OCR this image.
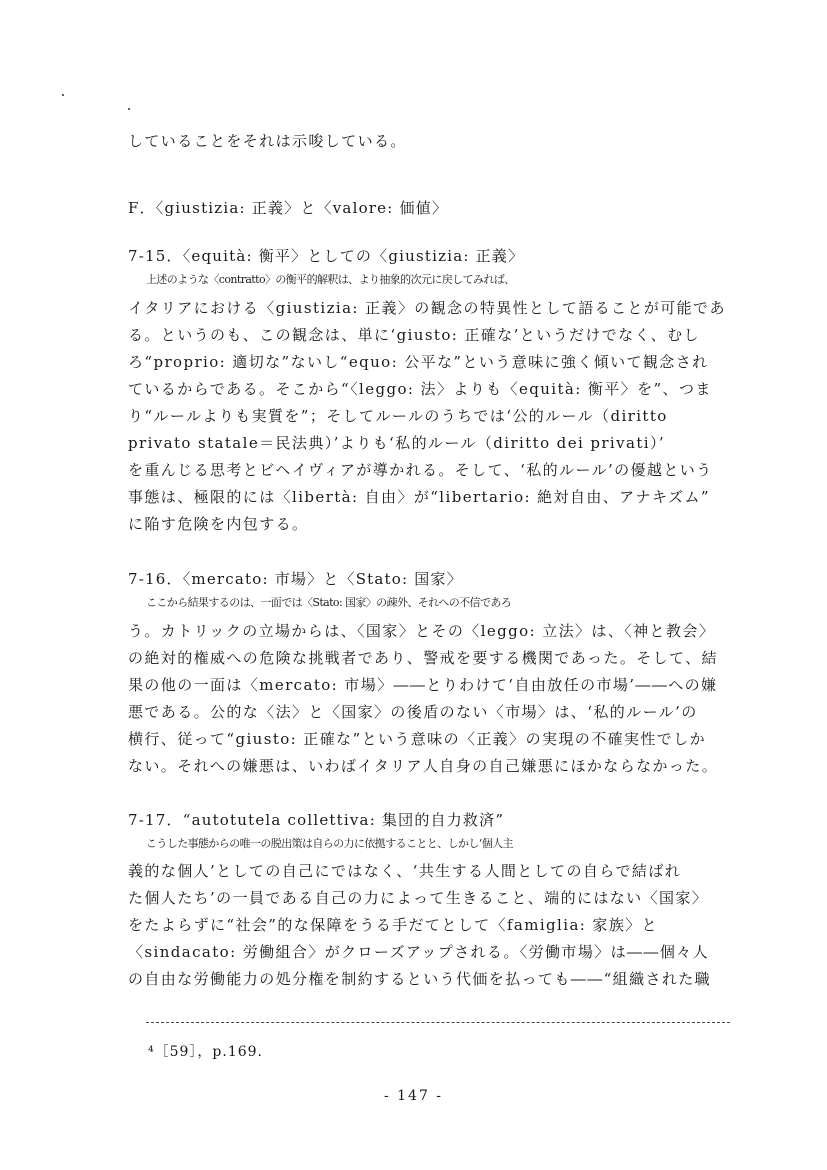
していることをそれは示唆している。
F．〈giustizia: 正義〉と〈valore: 価値〉
7-15．〈equità: 衡平〉としての〈giustizia: 正義〉
上述のような〈contratto〉の衡平的解釈は、より抽象的次元に戻してみれば、
イタリアにおける〈giustizia: 正義〉の観念の特異性として語ることが可能であ
る。というのも、この観念は、単に‘giusto: 正確な’というだけでなく、むし
ろ“proprio: 適切な”ないし“equo: 公平な”という意味に強く傾いて観念され
ているからである。そこから“〈leggo: 法〉よりも〈equità: 衡平〉を”、つま
り“ルールよりも実質を”；そしてルールのうちでは‘公的ルール（diritto
privato statale＝民法典）’よりも‘私的ルール（diritto dei privati）’
を重んじる思考とビヘイヴィアが導かれる。そして、‘私的ルール’の優越という
事態は、極限的には〈libertà: 自由〉が“libertario: 絶対自由、アナキズム”
に陥す危険を内包する。
7-16．〈mercato: 市場〉と〈Stato: 国家〉
ここから結果するのは、一面では〈Stato: 国家〉の疎外、それへの不信であろ
う。カトリックの立場からは、〈国家〉とその〈leggo: 立法〉は、〈神と教会〉
の絶対的権威への危険な挑戦者であり、警戒を要する機関であった。そして、結
果の他の一面は〈mercato: 市場〉――とりわけて‘自由放任の市場’――への嫌
悪である。公的な〈法〉と〈国家〉の後盾のない〈市場〉は、‘私的ルール’の
横行、従って“giusto: 正確な”という意味の〈正義〉の実現の不確実性でしか
ない。それへの嫌悪は、いわばイタリア人自身の自己嫌悪にほかならなかった。
7-17．“autotutela collettiva: 集団的自力救済”
こうした事態からの唯一の脱出策は自らの力に依拠することと、しかし‘個人主
義的な個人’としての自己にではなく、‘共生する人間としての自らで結ばれ
た個人たち’の一員である自己の力によって生きること、端的にはない〈国家〉
をたよらずに“社会”的な保障をうる手だてとして〈famiglia: 家族〉と
〈sindacato: 労働組合〉がクローズアップされる。〈労働市場〉は――個々人
の自由な労働能力の処分権を制約するという代価を払っても――“組織された職
⁴［59］，p.169.
- 147 -
